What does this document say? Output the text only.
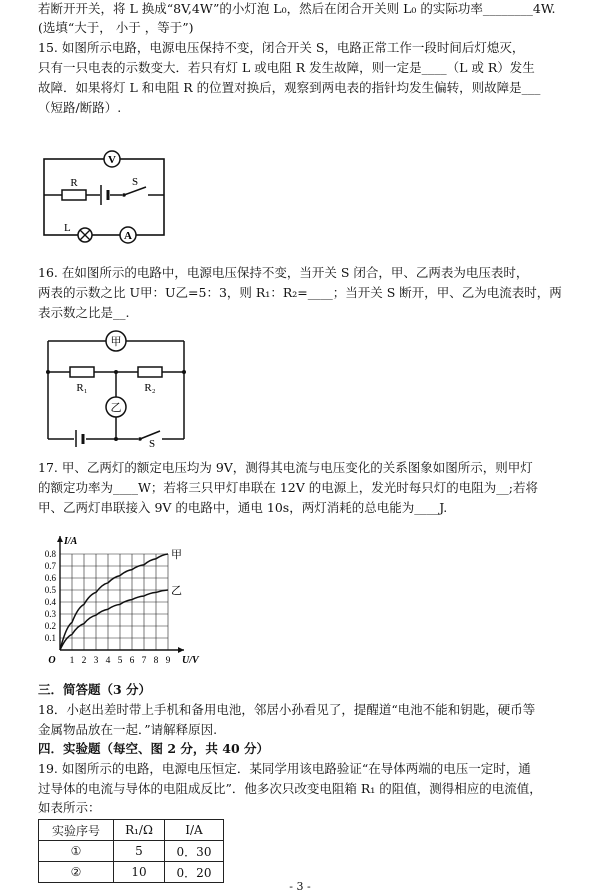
若断开开关，将 L 换成“8V,4W”的小灯泡 L₀，然后在闭合开关则 L₀ 的实际功率________4W.
(选填“大于， 小于 ，等于”)
15. 如图所示电路，电源电压保持不变，闭合开关 S，电路正常工作一段时间后灯熄灭，
只有一只电表的示数变大．若只有灯 L 或电阻 R 发生故障，则一定是____（L 或 R）发生
故障．如果将灯 L 和电阻 R 的位置对换后，观察到两电表的指针均发生偏转，则故障是___
（短路/断路）.
V
R	S
L
A
16. 在如图所示的电路中，电源电压保持不变，当开关 S 闭合，甲、乙两表为电压表时，
两表的示数之比 U甲：U乙=5：3，则 R₁：R₂=____；当开关 S 断开，甲、乙为电流表时，两
表示数之比是__.
甲
R₁	R₂
乙
S
17. 甲、乙两灯的额定电压均为 9V，测得其电流与电压变化的关系图象如图所示，则甲灯
的额定功率为____W；若将三只甲灯串联在 12V 的电源上，发光时每只灯的电阻为__;若将
甲、乙两灯串联接入 9V 的电路中，通电 10s，两灯消耗的总电能为____J.
1 2 3 4 5 6 7 8 9
0.1
0.2
0.3
0.4
0.5
0.6
0.7
0.8
O	U/V
I/A
甲
乙
三．简答题（3 分）
18．小赵出差时带上手机和备用电池，邻居小孙看见了，提醒道“电池不能和钥匙，硬币等
金属物品放在一起．”请解释原因.
四．实验题（每空、图 2 分，共 40 分）
19. 如图所示的电路，电源电压恒定．某同学用该电路验证“在导体两端的电压一定时，通
过导体的电流与导体的电阻成反比”．他多次只改变电阻箱 R₁ 的阻值，测得相应的电流值，
如表所示：
实验序号	R₁/Ω	I/A
①	5	0．30
②	10	0．20
- 3 -
